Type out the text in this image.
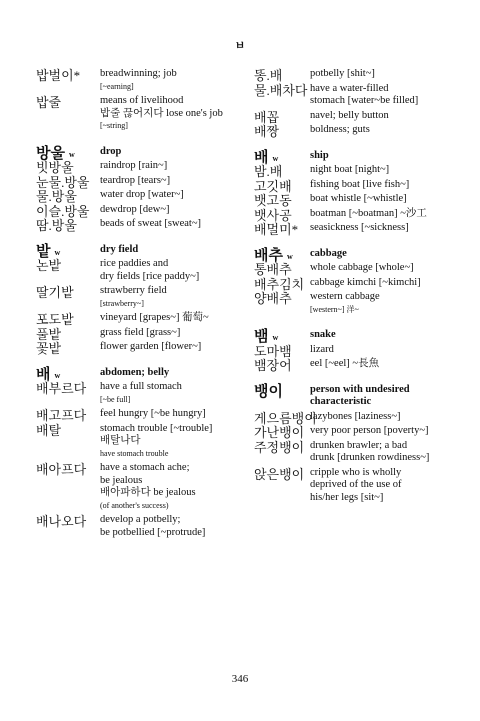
ㅂ
밥벌이* breadwinning; job
[~earning]
밥줄	means of livelihood
밥줄 끊어지다 lose one's job
[~string]
방울 $^w$ drop
빗방울	raindrop [rain~]
눈물.방울 teardrop [tears~]
물.방울 water drop [water~]
이슬.방울 dewdrop [dew~]
땀.방울 beads of sweat [sweat~]
밭 $^w$	dry field
논밭	rice paddies and
dry fields [rice paddy~]
딸기밭	strawberry field
[strawberry~]
포도밭	vineyard [grapes~] 葡萄~
풀밭	grass field [grass~]
꽃밭	flower garden [flower~]
배 $^w$	abdomen; belly
배부르다 have a full stomach
[~be full]
배고프다 feel hungry [~be hungry]
배탈	stomach trouble [~trouble]
배탈나다
have stomach trouble
배아프다 have a stomach ache;
be jealous
배아파하다 be jealous
(of another's success)
배나오다 develop a potbelly;
be potbellied [~protrude]
똥.배	potbelly [shit~]
물.배차다 have a water-filled
stomach [water~be filled]
배꼽	navel; belly button
배짱	boldness; guts
배 $^w$	ship
밤.배	night boat [night~]
고깃배 fishing boat [live fish~]
뱃고동 boat whistle [~whistle]
뱃사공 boatman [~boatman] ~沙工
배멀미* seasickness [~sickness]
배추 $^w$ cabbage
통배추 whole cabbage [whole~]
배추김치 cabbage kimchi [~kimchi]
양배추 western cabbage
[western~] 洋~
뱀 $^w$	snake
도마뱀 lizard
뱀장어 eel [~eel] ~長魚
뱅이	person with undesired
characteristic
게으름뱅이
lazybones [laziness~]
가난뱅이 very poor person [poverty~]
주정뱅이 drunken brawler; a bad
drunk [drunken rowdiness~]
앉은뱅이 cripple who is wholly
deprived of the use of
his/her legs [sit~]
346
